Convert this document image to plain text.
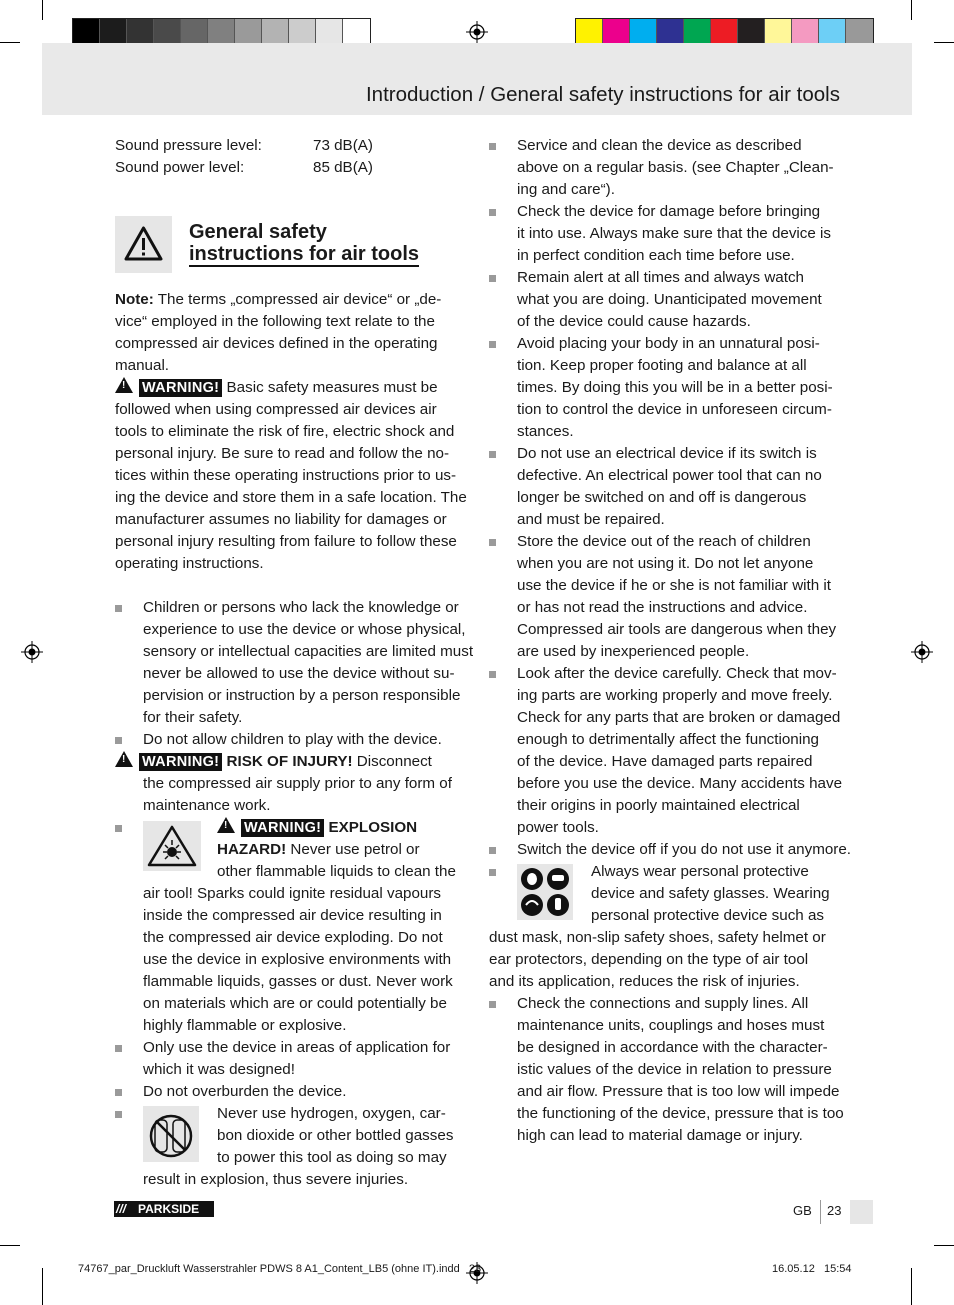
Introduction / General safety instructions for air tools
Sound pressure level:	73 dB(A)
Sound power level:	85 dB(A)
General safety
instructions for air tools
Note: The terms „compressed air device“ or „de-
vice“ employed in the following text relate to the
compressed air devices defined in the operating
manual.
!WARNING! Basic safety measures must be
followed when using compressed air devices air
tools to eliminate the risk of fire, electric shock and
personal injury. Be sure to read and follow the no-
tices within these operating instructions prior to us-
ing the device and store them in a safe location. The
manufacturer assumes no liability for damages or
personal injury resulting from failure to follow these
operating instructions.
Children or persons who lack the knowledge or
experience to use the device or whose physical,
sensory or intellectual capacities are limited must
never be allowed to use the device without su-
pervision or instruction by a person responsible
for their safety.
Do not allow children to play with the device.
!WARNING! RISK OF INJURY! Disconnect
the compressed air supply prior to any form of
maintenance work.
!WARNING! EXPLOSION
HAZARD! Never use petrol or
other flammable liquids to clean the
air tool! Sparks could ignite residual vapours
inside the compressed air device resulting in
the compressed air device exploding. Do not
use the device in explosive environments with
flammable liquids, gasses or dust. Never work
on materials which are or could potentially be
highly flammable or explosive.
Only use the device in areas of application for
which it was designed!
Do not overburden the device.
Never use hydrogen, oxygen, car-
bon dioxide or other bottled gasses
to power this tool as doing so may
result in explosion, thus severe injuries.
Service and clean the device as described
above on a regular basis. (see Chapter „Clean-
ing and care“).
Check the device for damage before bringing
it into use. Always make sure that the device is
in perfect condition each time before use.
Remain alert at all times and always watch
what you are doing. Unanticipated movement
of the device could cause hazards.
Avoid placing your body in an unnatural posi-
tion. Keep proper footing and balance at all
times. By doing this you will be in a better posi-
tion to control the device in unforeseen circum-
stances.
Do not use an electrical device if its switch is
defective. An electrical power tool that can no
longer be switched on and off is dangerous
and must be repaired.
Store the device out of the reach of children
when you are not using it. Do not let anyone
use the device if he or she is not familiar with it
or has not read the instructions and advice.
Compressed air tools are dangerous when they
are used by inexperienced people.
Look after the device carefully. Check that mov-
ing parts are working properly and move freely.
Check for any parts that are broken or damaged
enough to detrimentally affect the functioning
of the device. Have damaged parts repaired
before you use the device. Many accidents have
their origins in poorly maintained electrical
power tools.
Switch the device off if you do not use it anymore.
Always wear personal protective
device and safety glasses. Wearing
personal protective device such as
dust mask, non-slip safety shoes, safety helmet or
ear protectors, depending on the type of air tool
and its application, reduces the risk of injuries.
Check the connections and supply lines. All
maintenance units, couplings and hoses must
be designed in accordance with the character-
istic values of the device in relation to pressure
and air flow. Pressure that is too low will impede
the functioning of the device, pressure that is too
high can lead to material damage or injury.
/// PARKSIDE	GB 23
74767_par_Druckluft Wasserstrahler PDWS 8 A1_Content_LB5 (ohne IT).indd   23	16.05.12   15:54
